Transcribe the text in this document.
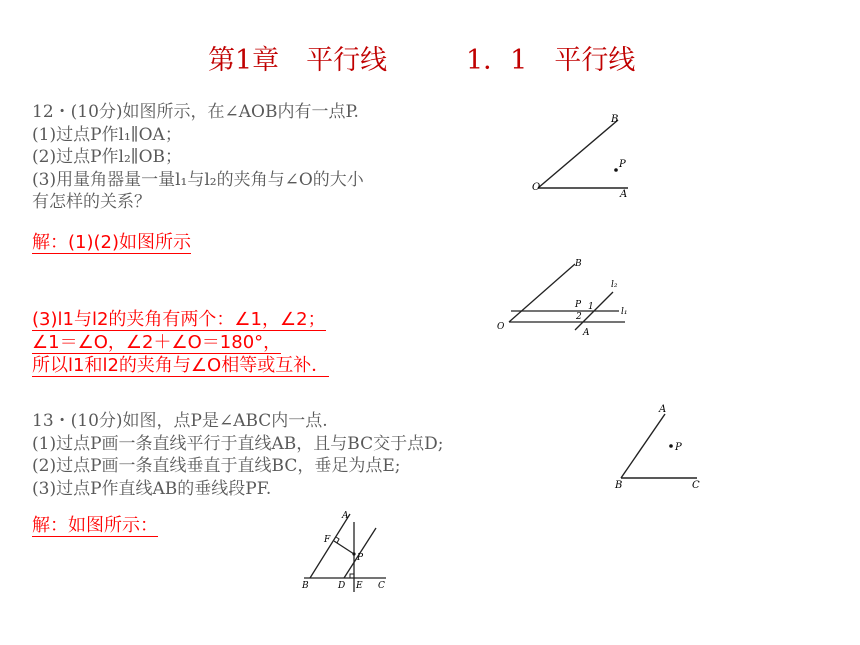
第1章　平行线	1．1　平行线
12・(10分)如图所示，在∠AOB内有一点P.
(1)过点P作l₁∥OA；
(2)过点P作l₂∥OB；
(3)用量角器量一量l₁与l₂的夹角与∠O的大小
有怎样的关系？
解：(1)(2)如图所示
(3)l1与l2的夹角有两个：∠1，∠2；
∠1＝∠O，∠2＋∠O＝180°，
所以l1和l2的夹角与∠O相等或互补．
B
P
O
A
B
l₂
P 1
2	l₁
O
A
13・(10分)如图，点P是∠ABC内一点.
(1)过点P画一条直线平行于直线AB，且与BC交于点D;
(2)过点P画一条直线垂直于直线BC，垂足为点E;
(3)过点P作直线AB的垂线段PF.
解：如图所示：
A
P
B	C
A
F
P
B	D E C
